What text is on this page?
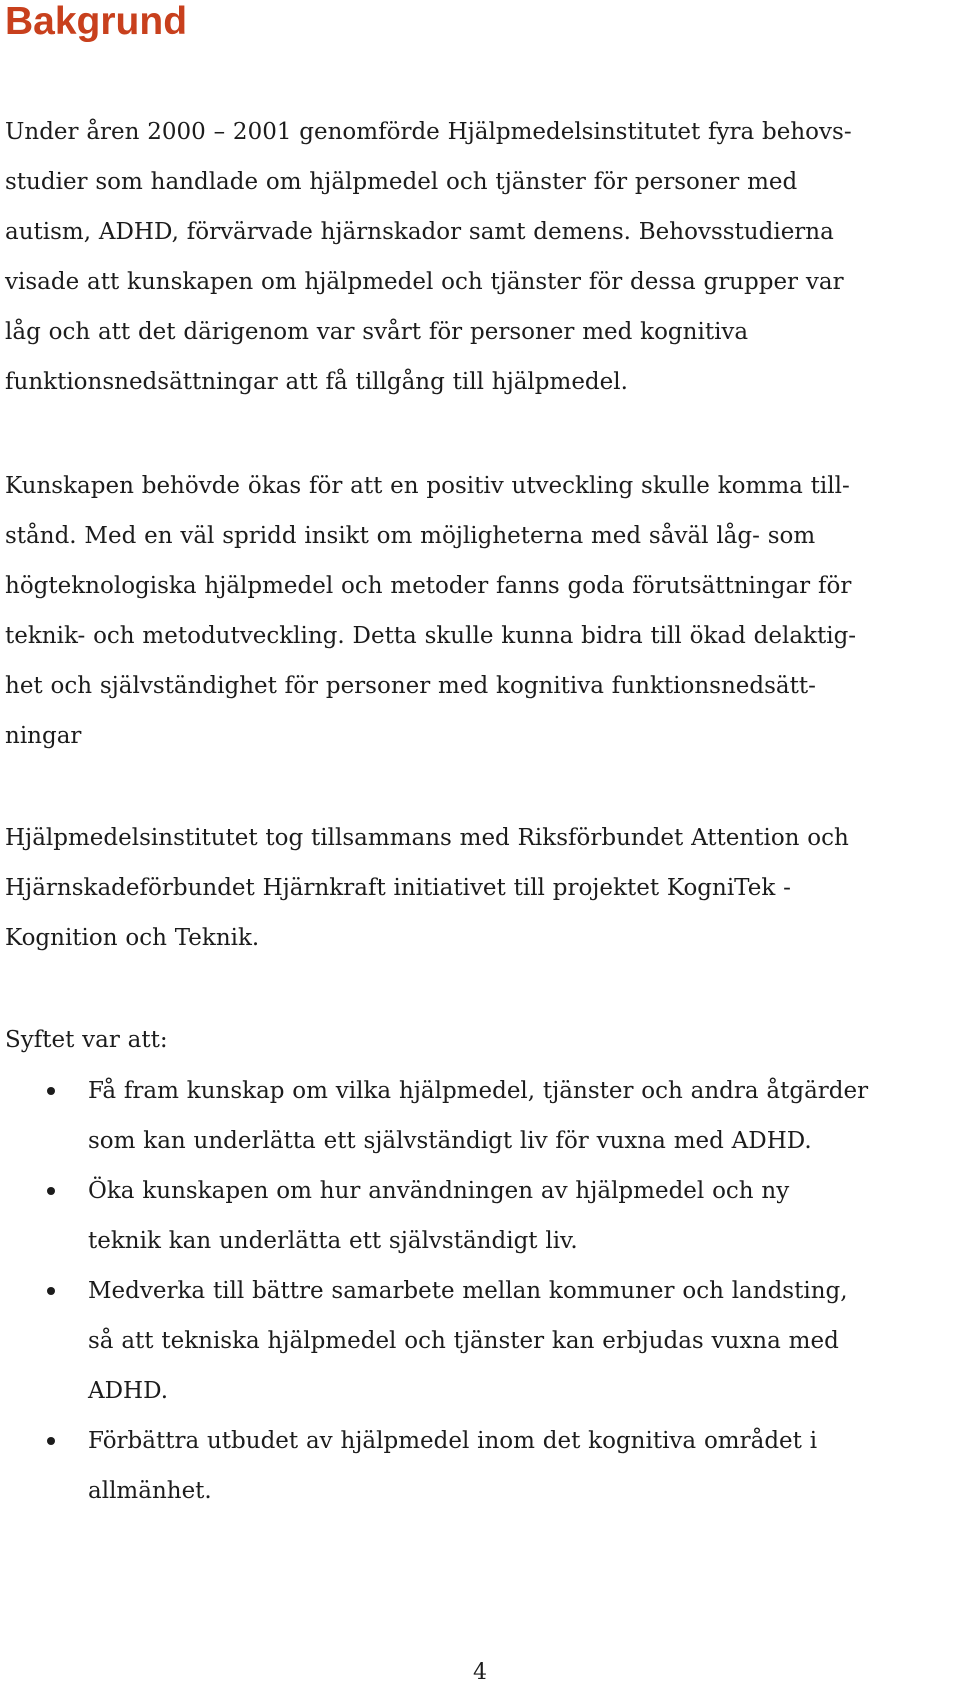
Bakgrund

Under åren 2000 – 2001 genomförde Hjälpmedelsinstitutet fyra behovs-
studier som handlade om hjälpmedel och tjänster för personer med
autism, ADHD, förvärvade hjärnskador samt demens. Behovsstudierna
visade att kunskapen om hjälpmedel och tjänster för dessa grupper var
låg och att det därigenom var svårt för personer med kognitiva
funktionsnedsättningar att få tillgång till hjälpmedel.

Kunskapen behövde ökas för att en positiv utveckling skulle komma till-
stånd. Med en väl spridd insikt om möjligheterna med såväl låg- som
högteknologiska hjälpmedel och metoder fanns goda förutsättningar för
teknik- och metodutveckling. Detta skulle kunna bidra till ökad delaktig-
het och självständighet för personer med kognitiva funktionsnedsätt-
ningar

Hjälpmedelsinstitutet tog tillsammans med Riksförbundet Attention och
Hjärnskadeförbundet Hjärnkraft initiativet till projektet KogniTek -
Kognition och Teknik.

Syftet var att:

Få fram kunskap om vilka hjälpmedel, tjänster och andra åtgärder
som kan underlätta ett självständigt liv för vuxna med ADHD.
Öka kunskapen om hur användningen av hjälpmedel och ny
teknik kan underlätta ett självständigt liv.
Medverka till bättre samarbete mellan kommuner och landsting,
så att tekniska hjälpmedel och tjänster kan erbjudas vuxna med
ADHD.
Förbättra utbudet av hjälpmedel inom det kognitiva området i
allmänhet.
4
